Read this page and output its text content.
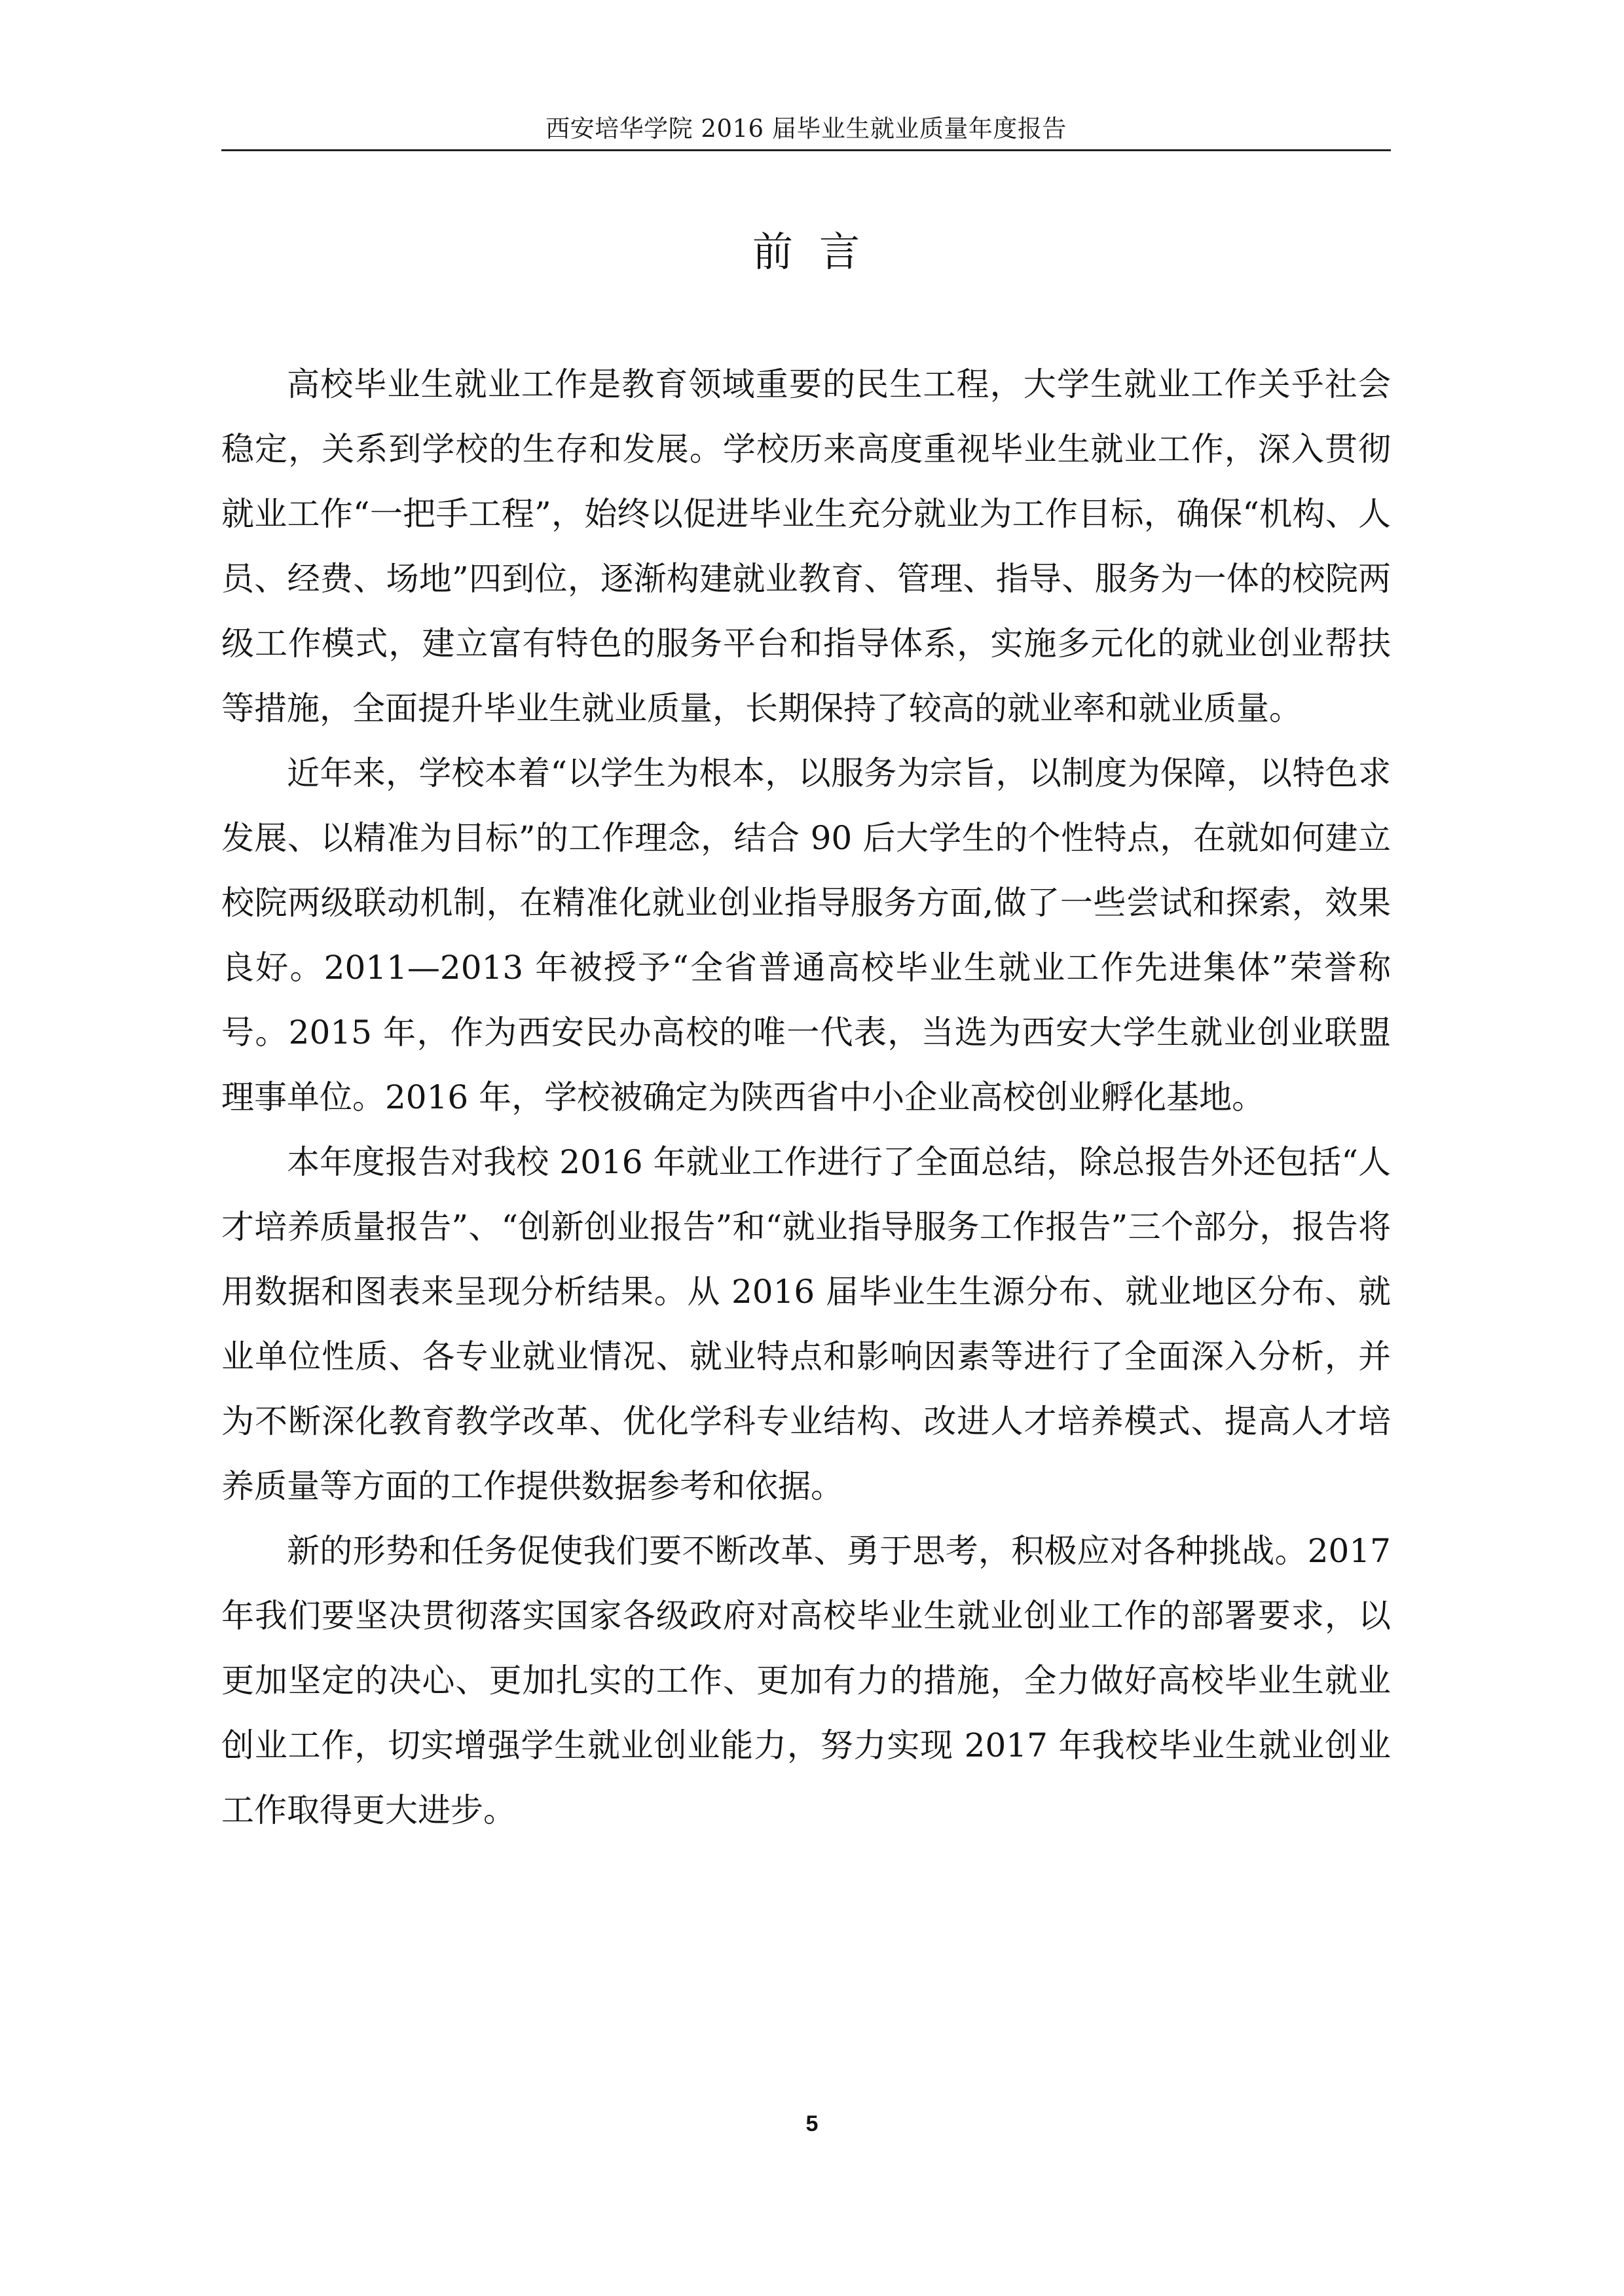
西安培华学院 2016 届毕业生就业质量年度报告
前言

高校毕业生就业工作是教育领域重要的民生工程，大学生就业工作关乎社会稳定，关系到学校的生存和发展。学校历来高度重视毕业生就业工作，深入贯彻就业工作“一把手工程”，始终以促进毕业生充分就业为工作目标，确保“机构、人员、经费、场地”四到位，逐渐构建就业教育、管理、指导、服务为一体的校院两级工作模式，建立富有特色的服务平台和指导体系，实施多元化的就业创业帮扶等措施，全面提升毕业生就业质量，长期保持了较高的就业率和就业质量。

近年来，学校本着“以学生为根本，以服务为宗旨，以制度为保障，以特色求发展、以精准为目标”的工作理念，结合 90 后大学生的个性特点，在就如何建立校院两级联动机制，在精准化就业创业指导服务方面,做了一些尝试和探索，效果良好。2011—2013 年被授予“全省普通高校毕业生就业工作先进集体”荣誉称号。2015 年，作为西安民办高校的唯一代表，当选为西安大学生就业创业联盟理事单位。2016 年，学校被确定为陕西省中小企业高校创业孵化基地。

本年度报告对我校 2016 年就业工作进行了全面总结，除总报告外还包括“人才培养质量报告”、“创新创业报告”和“就业指导服务工作报告”三个部分，报告将用数据和图表来呈现分析结果。从 2016 届毕业生生源分布、就业地区分布、就业单位性质、各专业就业情况、就业特点和影响因素等进行了全面深入分析，并为不断深化教育教学改革、优化学科专业结构、改进人才培养模式、提高人才培养质量等方面的工作提供数据参考和依据。

新的形势和任务促使我们要不断改革、勇于思考，积极应对各种挑战。2017 年我们要坚决贯彻落实国家各级政府对高校毕业生就业创业工作的部署要求，以更加坚定的决心、更加扎实的工作、更加有力的措施，全力做好高校毕业生就业创业工作，切实增强学生就业创业能力，努力实现 2017 年我校毕业生就业创业工作取得更大进步。

5
